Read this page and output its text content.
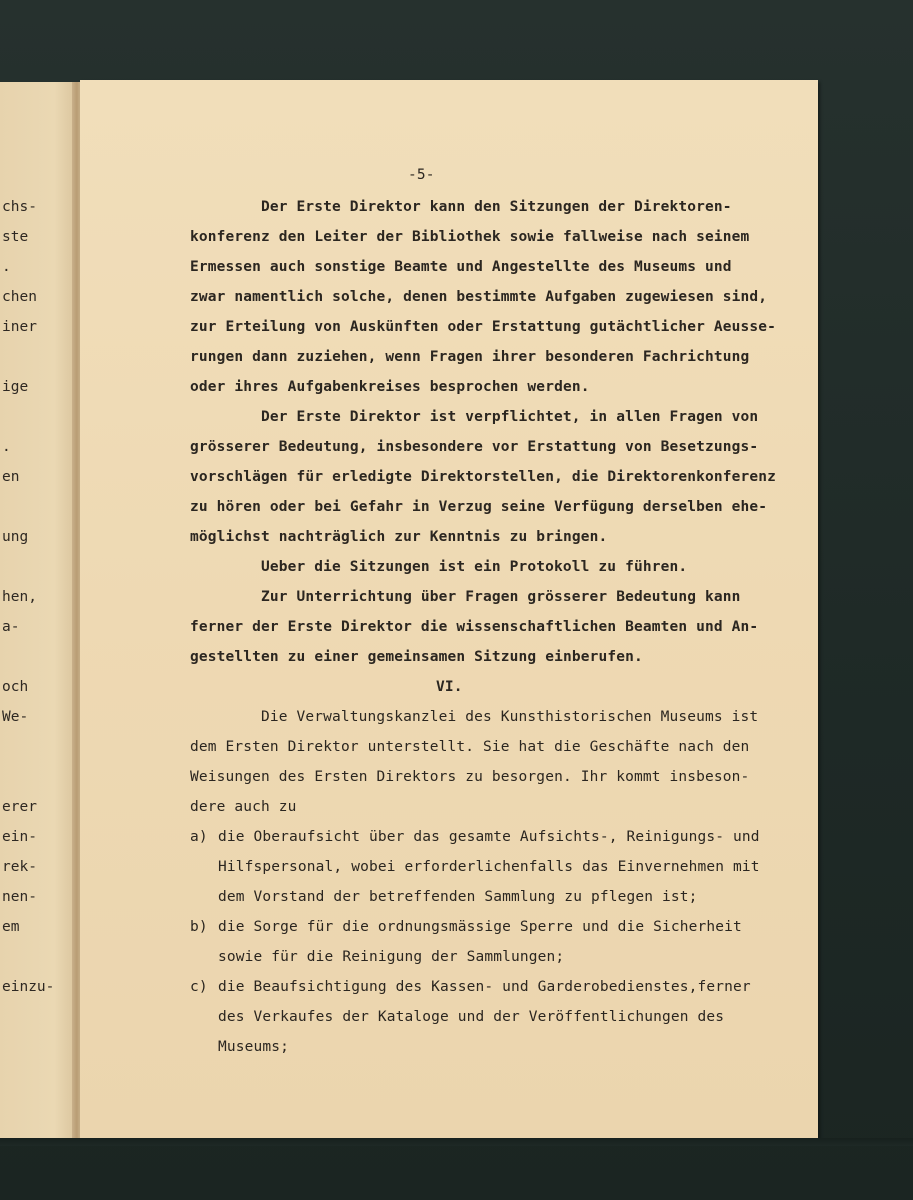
chs-
ste
.
chen
iner
ige
.
en
ung
hen,
a-
och
We-
erer
ein-
rek-
nen-
em
einzu-
-5-
Der Erste Direktor kann den Sitzungen der Direktoren-
konferenz den Leiter der Bibliothek sowie fallweise nach seinem
Ermessen auch sonstige Beamte und Angestellte des Museums und
zwar namentlich solche, denen bestimmte Aufgaben zugewiesen sind,
zur Erteilung von Auskünften oder Erstattung gutächtlicher Aeusse-
rungen dann zuziehen, wenn Fragen ihrer besonderen Fachrichtung
oder ihres Aufgabenkreises besprochen werden.
Der Erste Direktor ist verpflichtet, in allen Fragen von
grösserer Bedeutung, insbesondere vor Erstattung von Besetzungs-
vorschlägen für erledigte Direktorstellen, die Direktorenkonferenz
zu hören oder bei Gefahr in Verzug seine Verfügung derselben ehe-
möglichst nachträglich zur Kenntnis zu bringen.
Ueber die Sitzungen ist ein Protokoll zu führen.
Zur Unterrichtung über Fragen grösserer Bedeutung kann
ferner der Erste Direktor die wissenschaftlichen Beamten und An-
gestellten zu einer gemeinsamen Sitzung einberufen.
VI.
Die Verwaltungskanzlei des Kunsthistorischen Museums ist
dem Ersten Direktor unterstellt. Sie hat die Geschäfte nach den
Weisungen des Ersten Direktors zu besorgen. Ihr kommt insbeson-
dere auch zu
a) die Oberaufsicht über das gesamte Aufsichts-, Reinigungs- und
Hilfspersonal, wobei erforderlichenfalls das Einvernehmen mit
dem Vorstand der betreffenden Sammlung zu pflegen ist;
b) die Sorge für die ordnungsmässige Sperre und die Sicherheit
sowie für die Reinigung der Sammlungen;
c) die Beaufsichtigung des Kassen- und Garderobedienstes,ferner
des Verkaufes der Kataloge und der Veröffentlichungen des
Museums;
